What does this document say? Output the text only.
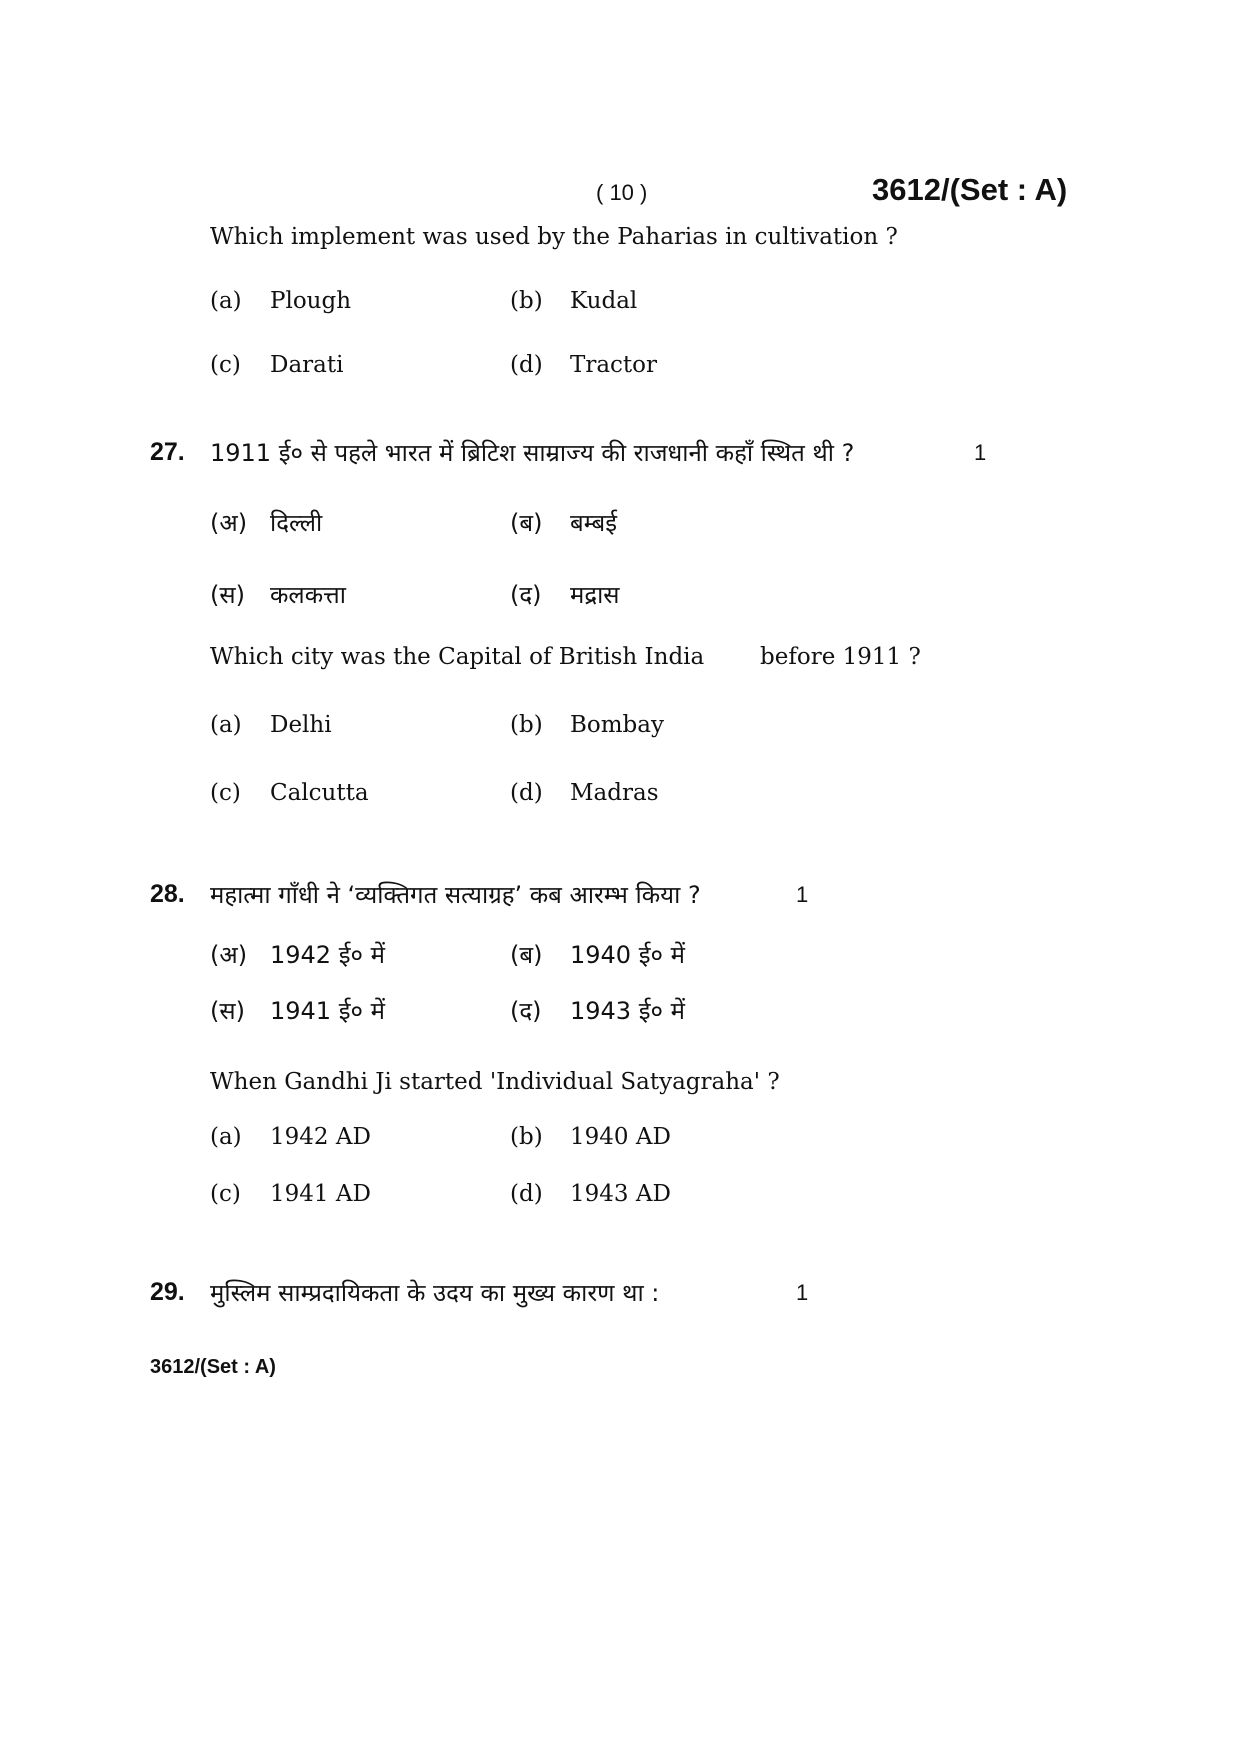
( 10 )	3612/(Set : A)
Which implement was used by the Paharias in cultivation ?
(a) Plough	(b) Kudal
(c) Darati	(d) Tractor
27. 1911 ई० से पहले भारत में ब्रिटिश साम्राज्य की राजधानी कहाँ स्थित थी ?	1
(अ) दिल्ली	(ब) बम्बई
(स) कलकत्ता	(द) मद्रास
Which city was the Capital of British India before 1911 ?
(a) Delhi	(b) Bombay
(c) Calcutta	(d) Madras
28. महात्मा गाँधी ने ‘व्यक्तिगत सत्याग्रह’ कब आरम्भ किया ?	1
(अ) 1942 ई० में	(ब) 1940 ई० में
(स) 1941 ई० में	(द) 1943 ई० में
When Gandhi Ji started 'Individual Satyagraha' ?
(a) 1942 AD	(b) 1940 AD
(c) 1941 AD	(d) 1943 AD
29. मुस्लिम साम्प्रदायिकता के उदय का मुख्य कारण था :	1
3612/(Set : A)
